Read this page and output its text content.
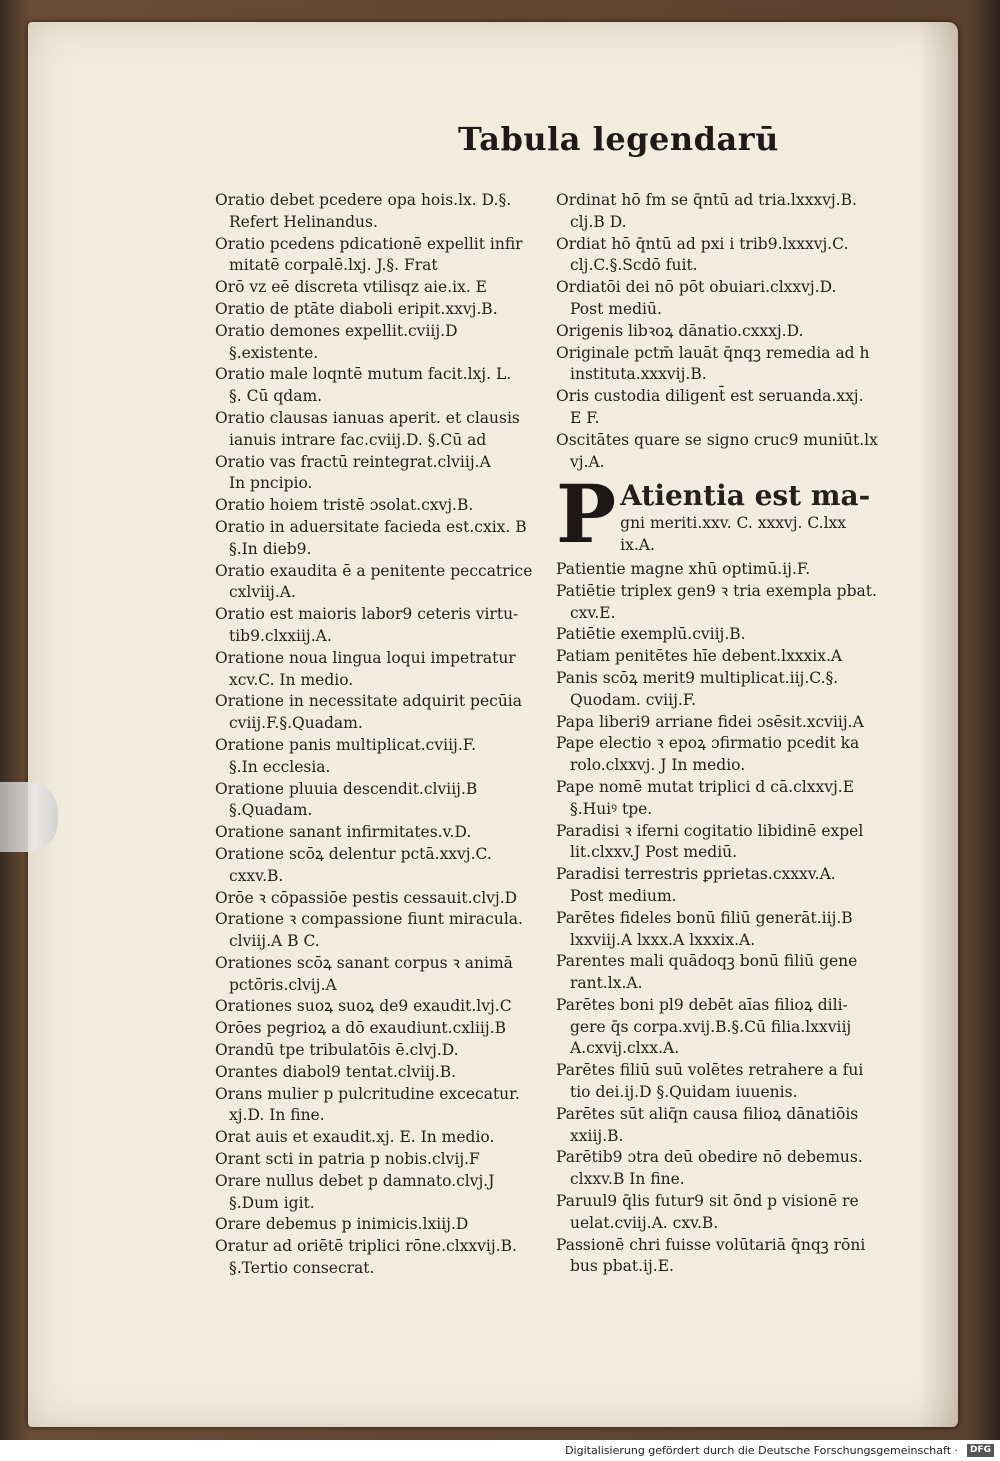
Tabula legendarū
Oratio debet pcedere opa hois.lx. D.§.
Refert Helinandus.
Oratio pcedens pdicationē expellit infir
mitatē corpalē.lxj. J.§. Frat
Orō vz eē discreta vtilisqz aie.ix. E
Oratio de ptāte diaboli eripit.xxvj.B.
Oratio demones expellit.cviij.D
§.existente.
Oratio male loqntē mutum facit.lxj. L.
§. Cū qdam.
Oratio clausas ianuas aperit. et clausis
ianuis intrare fac.cviij.D. §.Cū ad
Oratio vas fractū reintegrat.clviij.A
In pncipio.
Oratio hoiem tristē ɔsolat.cxvj.B.
Oratio in aduersitate facieda est.cxix. B
§.In dieb9.
Oratio exaudita ē a penitente peccatrice
cxlviij.A.
Oratio est maioris labor9 ceteris virtu-
tib9.clxxiij.A.
Oratione noua lingua loqui impetratur
xcv.C. In medio.
Oratione in necessitate adquirit pecūia
cviij.F.§.Quadam.
Oratione panis multiplicat.cviij.F.
§.In ecclesia.
Oratione pluuia descendit.clviij.B
§.Quadam.
Oratione sanant infirmitates.v.D.
Oratione scōꝝ delentur pctā.xxvj.C.
cxxv.B.
Orōe ꝛ cōpassiōe pestis cessauit.clvj.D
Oratione ꝛ compassione fiunt miracula.
clviij.A B C.
Orationes scōꝝ sanant corpus ꝛ animā
pctōris.clvij.A
Orationes suoꝝ suoꝝ de9 exaudit.lvj.C
Orōes pegrioꝝ a dō exaudiunt.cxliij.B
Orandū tpe tribulatōis ē.clvj.D.
Orantes diabol9 tentat.clviij.B.
Orans mulier p pulcritudine excecatur.
xj.D. In fine.
Orat auis et exaudit.xj. E. In medio.
Orant scti in patria p nobis.clvij.F
Orare nullus debet p damnato.clvj.J
§.Dum igit.
Orare debemus p inimicis.lxiij.D
Oratur ad oriētē triplici rōne.clxxvij.B.
§.Tertio consecrat.
Ordinat hō fm se q̄ntū ad tria.lxxxvj.B.
clj.B D.
Ordiat hō q̄ntū ad pxi i trib9.lxxxvj.C.
clj.C.§.Scdō fuit.
Ordiatōi dei nō pōt obuiari.clxxvj.D.
Post mediū.
Origenis libꝛoꝝ dānatio.cxxxj.D.
Originale pctm̄ lauāt q̄nqꝫ remedia ad h
instituta.xxxvij.B.
Oris custodia diligent̄ est seruanda.xxj.
E F.
Oscitātes quare se signo cruc9 muniūt.lx
vj.A.
P Atientia est ma-
gni meriti.xxv. C. xxxvj. C.lxx
ix.A.
Patientie magne xhū optimū.ij.F.
Patiētie triplex gen9 ꝛ tria exempla pbat.
cxv.E.
Patiētie exemplū.cviij.B.
Patiam penitētes hīe debent.lxxxix.A
Panis scōꝝ merit9 multiplicat.iij.C.§.
Quodam. cviij.F.
Papa liberi9 arriane fidei ɔsēsit.xcviij.A
Pape electio ꝛ epoꝝ ɔfirmatio pcedit ka
rolo.clxxvj. J In medio.
Pape nomē mutat triplici d cā.clxxvj.E
§.Huiꝰ tpe.
Paradisi ꝛ iferni cogitatio libidinē expel
lit.clxxv.J Post mediū.
Paradisi terrestris ꝑprietas.cxxxv.A.
Post medium.
Parētes fideles bonū filiū generāt.iij.B
lxxviij.A lxxx.A lxxxix.A.
Parentes mali quādoqꝫ bonū filiū gene
rant.lx.A.
Parētes boni pl9 debēt aīas filioꝝ dili-
gere q̄s corpa.xvij.B.§.Cū filia.lxxviij
A.cxvij.clxx.A.
Parētes filiū suū volētes retrahere a fui
tio dei.ij.D §.Quidam iuuenis.
Parētes sūt aliq̄n causa filioꝝ dānatiōis
xxiij.B.
Parētib9 ɔtra deū obedire nō debemus.
clxxv.B In fine.
Paruul9 q̄lis futur9 sit ōnd p visionē re
uelat.cviij.A. cxv.B.
Passionē chri fuisse volūtariā q̄nqꝫ rōni
bus pbat.ij.E.
Digitalisierung gefördert durch die Deutsche Forschungsgemeinschaft ·	DFG
